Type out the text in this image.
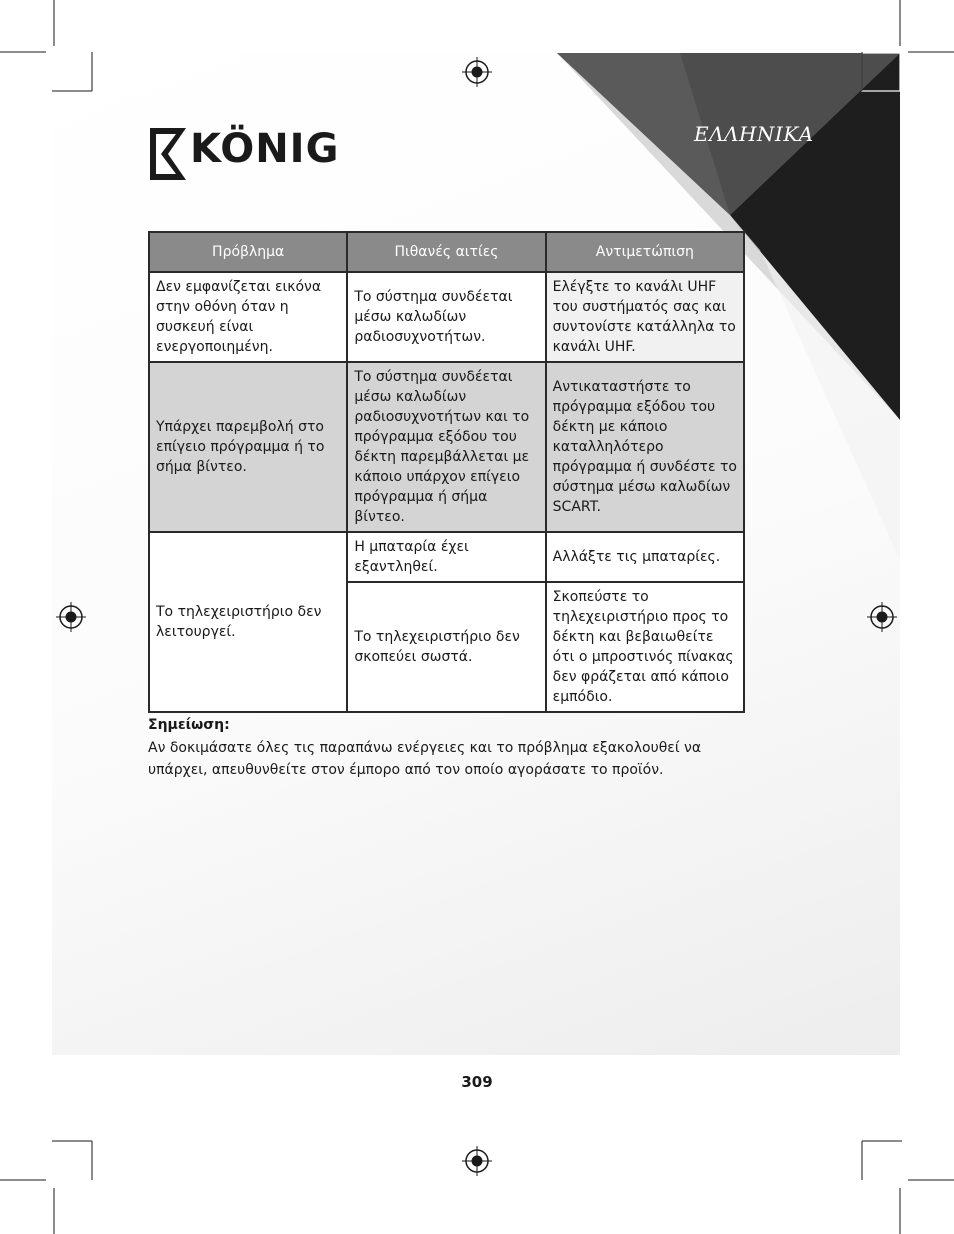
KÖNIG	ΕΛΛΗΝΙΚΑ
Πρόβλημα	Πιθανές αιτίες	Αντιμετώπιση
Δεν εμφανίζεται εικόνα στην οθόνη όταν η συσκευή είναι ενεργοποιημένη.	Το σύστημα συνδέεται μέσω καλωδίων ραδιοσυχνοτήτων.	Ελέγξτε το κανάλι UHF του συστήματός σας και συντονίστε κατάλληλα το κανάλι UHF.
Υπάρχει παρεμβολή στο επίγειο πρόγραμμα ή το σήμα βίντεο.	Το σύστημα συνδέεται μέσω καλωδίων ραδιοσυχνοτήτων και το πρόγραμμα εξόδου του δέκτη παρεμβάλλεται με κάποιο υπάρχον επίγειο πρόγραμμα ή σήμα βίντεο.	Αντικαταστήστε το πρόγραμμα εξόδου του δέκτη με κάποιο καταλληλότερο πρόγραμμα ή συνδέστε το σύστημα μέσω καλωδίων SCART.
Το τηλεχειριστήριο δεν λειτουργεί.	Η μπαταρία έχει εξαντληθεί.	Αλλάξτε τις μπαταρίες.
	Το τηλεχειριστήριο δεν σκοπεύει σωστά.	Σκοπεύστε το τηλεχειριστήριο προς το δέκτη και βεβαιωθείτε ότι ο μπροστινός πίνακας δεν φράζεται από κάποιο εμπόδιο.
Σημείωση:
Αν δοκιμάσατε όλες τις παραπάνω ενέργειες και το πρόβλημα εξακολουθεί να υπάρχει, απευθυνθείτε στον έμπορο από τον οποίο αγοράσατε το προϊόν.
309
